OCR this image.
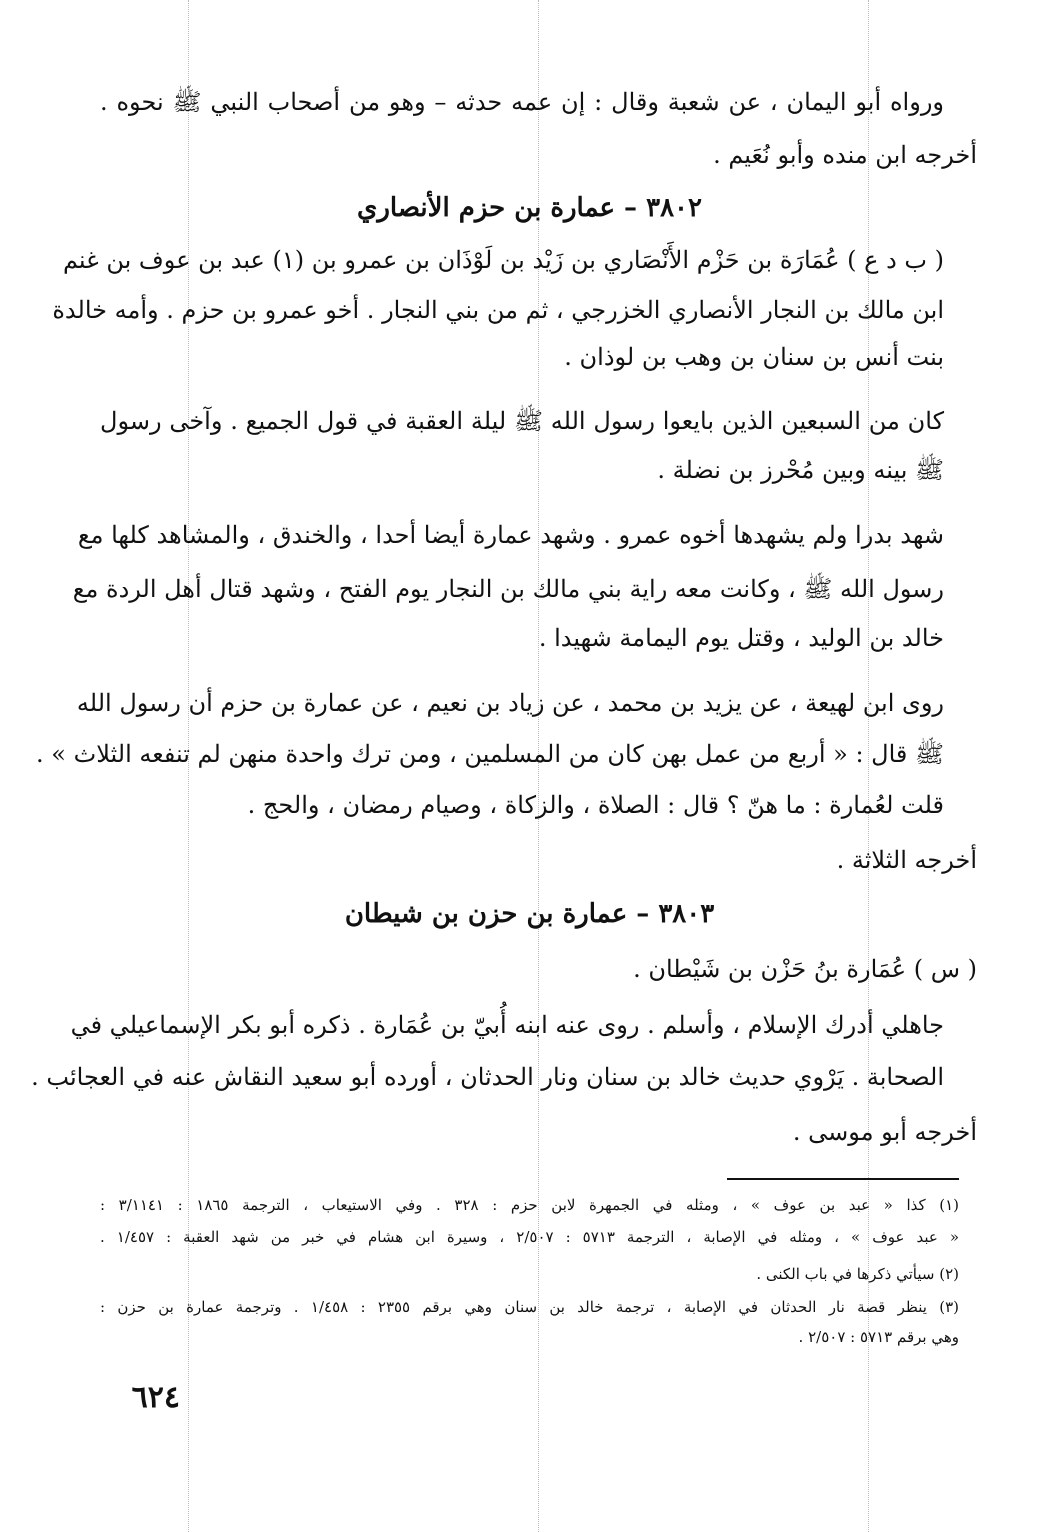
ورواه أبو اليمان ، عن شعبة وقال : إن عمه حدثه – وهو من أصحاب النبي ﷺ نحوه .
أخرجه ابن منده وأبو نُعَيم .
٣٨٠٢ – عمارة بن حزم الأنصاري
( ب د ع ) عُمَارَة بن حَزْم الأَنْصَاري بن زَيْد بن لَوْذَان بن عمرو بن (١) عبد بن عوف بن غنم
ابن مالك بن النجار الأنصاري الخزرجي ، ثم من بني النجار . أخو عمرو بن حزم . وأمه خالدة
بنت أنس بن سنان بن وهب بن لوذان .
كان من السبعين الذين بايعوا رسول الله ﷺ ليلة العقبة في قول الجميع . وآخى رسول
ﷺ بينه وبين مُحْرز بن نضلة .
شهد بدرا ولم يشهدها أخوه عمرو . وشهد عمارة أيضا أحدا ، والخندق ، والمشاهد كلها مع
رسول الله ﷺ ، وكانت معه راية بني مالك بن النجار يوم الفتح ، وشهد قتال أهل الردة مع
خالد بن الوليد ، وقتل يوم اليمامة شهيدا .
روى ابن لهيعة ، عن يزيد بن محمد ، عن زياد بن نعيم ، عن عمارة بن حزم أن رسول الله
ﷺ قال : « أربع من عمل بهن كان من المسلمين ، ومن ترك واحدة منهن لم تنفعه الثلاث » .
قلت لعُمارة : ما هنّ ؟ قال : الصلاة ، والزكاة ، وصيام رمضان ، والحج .
أخرجه الثلاثة .
٣٨٠٣ – عمارة بن حزن بن شيطان
( س ) عُمَارة بنُ حَزْن بن شَيْطان .
جاهلي أدرك الإسلام ، وأسلم . روى عنه ابنه أُبيّ بن عُمَارة . ذكره أبو بكر الإسماعيلي في
الصحابة . يَرْوي حديث خالد بن سنان ونار الحدثان ، أورده أبو سعيد النقاش عنه في العجائب .
أخرجه أبو موسى .
(١) كذا « عبد بن عوف » ، ومثله في الجمهرة لابن حزم : ٣٢٨ . وفي الاستيعاب ، الترجمة ١٨٦٥ : ٣/١١٤١ :
« عبد عوف » ، ومثله في الإصابة ، الترجمة ٥٧١٣ : ٢/٥٠٧ ، وسيرة ابن هشام في خبر من شهد العقبة : ١/٤٥٧ .
(٢) سيأتي ذكرها في باب الكنى .
(٣) ينظر قصة نار الحدثان في الإصابة ، ترجمة خالد بن سنان وهي برقم ٢٣٥٥ : ١/٤٥٨ . وترجمة عمارة بن حزن :
وهي برقم ٥٧١٣ : ٢/٥٠٧ .
٦٢٤
